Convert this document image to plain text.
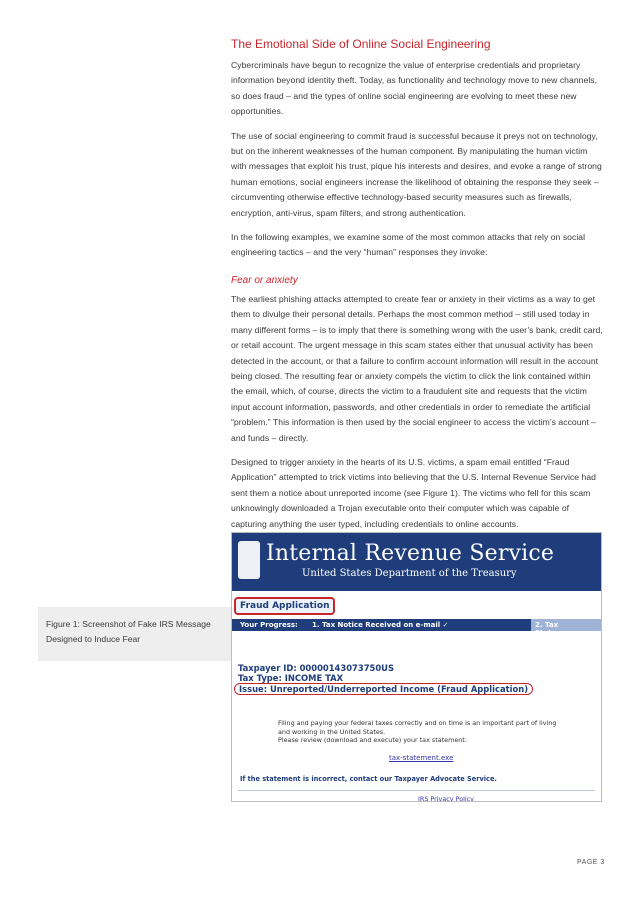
The Emotional Side of Online Social Engineering

Cybercriminals have begun to recognize the value of enterprise credentials and proprietary information beyond identity theft. Today, as functionality and technology move to new channels, so does fraud – and the types of online social engineering are evolving to meet these new opportunities.

The use of social engineering to commit fraud is successful because it preys not on technology, but on the inherent weaknesses of the human component. By manipulating the human victim with messages that exploit his trust, pique his interests and desires, and evoke a range of strong human emotions, social engineers increase the likelihood of obtaining the response they seek – circumventing otherwise effective technology-based security measures such as firewalls, encryption, anti-virus, spam filters, and strong authentication.

In the following examples, we examine some of the most common attacks that rely on social engineering tactics – and the very “human” responses they invoke:

Fear or anxiety

The earliest phishing attacks attempted to create fear or anxiety in their victims as a way to get them to divulge their personal details. Perhaps the most common method – still used today in many different forms – is to imply that there is something wrong with the user’s bank, credit card, or retail account. The urgent message in this scam states either that unusual activity has been detected in the account, or that a failure to confirm account information will result in the account being closed. The resulting fear or anxiety compels the victim to click the link contained within the email, which, of course, directs the victim to a fraudulent site and requests that the victim input account information, passwords, and other credentials in order to remediate the artificial “problem.” This information is then used by the social engineer to access the victim’s account – and funds – directly.

Designed to trigger anxiety in the hearts of its U.S. victims, a spam email entitled “Fraud Application” attempted to trick victims into believing that the U.S. Internal Revenue Service had sent them a notice about unreported income (see Figure 1). The victims who fell for this scam unknowingly downloaded a Trojan executable onto their computer which was capable of capturing anything the user typed, including credentials to online accounts.

Figure 1: Screenshot of Fake IRS Message Designed to Induce Fear
Internal Revenue Service
United States Department of the Treasury
Fraud Application
Your Progress: 1. Tax Notice Received on e-mail ✓	2. Tax Statemen
Taxpayer ID: 00000143073750US
Tax Type: INCOME TAX
Issue: Unreported/Underreported Income (Fraud Application)
Filing and paying your federal taxes correctly and on time is an important part of living
and working in the United States.
Please review (download and execute) your tax statement:
tax-statement.exe
If the statement is incorrect, contact our Taxpayer Advocate Service.
IRS Privacy Policy
PAGE 3
